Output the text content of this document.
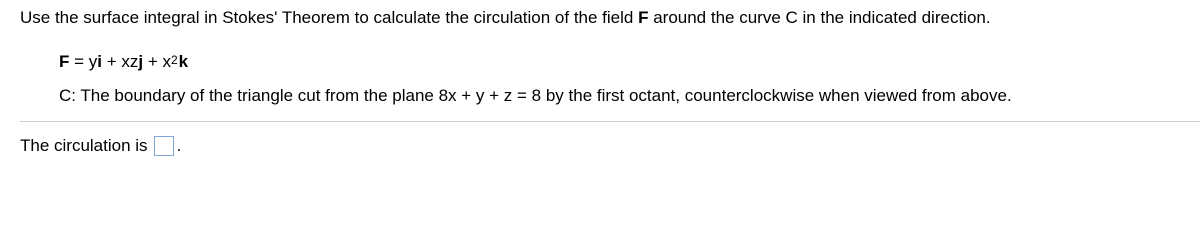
Use the surface integral in Stokes' Theorem to calculate the circulation of the field F around the curve C in the indicated direction.
F = yi + xzj + $x^2k$
C: The boundary of the triangle cut from the plane 8x + y + z = 8 by the first octant, counterclockwise when viewed from above.
The circulation is .
